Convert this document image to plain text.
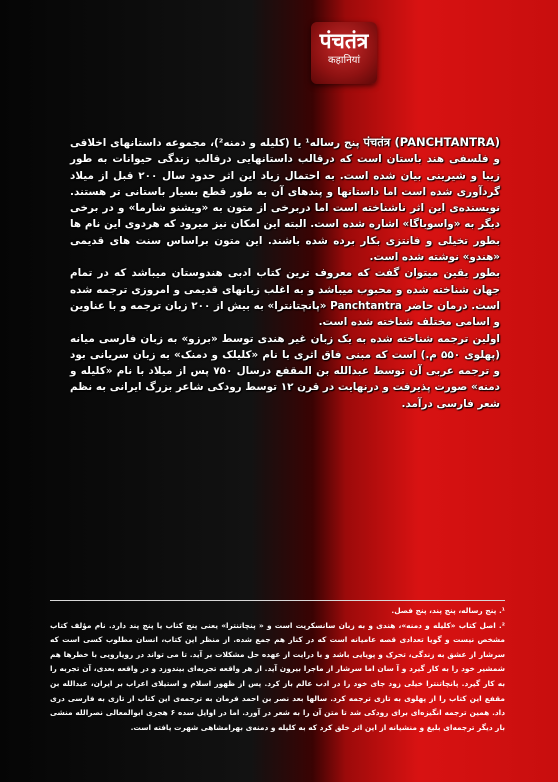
पंचतंत्र
कहानियां

पंचतंत्र (PANCHTANTRA) پنج رساله¹ یا (کلیله و دمنه²)، مجموعه داستانهای اخلاقی و فلسفی هند باستان است که درقالب داستانهایی درقالب زندگی حیوانات به طور زیبا و شیرینی بیان شده است. به احتمال زیاد این اثر حدود سال ۲۰۰ قبل از میلاد گردآوری شده است اما داستانها و پندهای آن به طور قطع بسیار باستانی تر هستند. نویسنده‌ی این اثر ناشناخته است اما دربرخی از متون به «ویشنو شارما» و در برخی دیگر به «واسوباگا» اشاره شده است. البته این امکان نیز میرود که هردوی این نام ها بطور تخیلی و فانتزی بکار برده شده باشند. این متون براساس سنت های قدیمی «هندو» نوشته شده است.

بطور یقین میتوان گفت که معروف ترین کتاب ادبی هندوستان میباشد که در تمام جهان شناخته شده و محبوب میباشد و به اغلب زبانهای قدیمی و امروزی ترجمه شده است. درمان حاضر Panchtantra «پانچتانترا» به بیش از ۲۰۰ زبان ترجمه و با عناوین و اسامی مختلف شناخته شده است.

اولین ترجمه شناخته شده به یک زبان غیر هندی توسط «برزو» به زبان فارسی میانه (پهلوی ۵۵۰ م.) است که مبنی فاق اثری با نام «کلیلک و دمنک» به زبان سریانی بود و ترجمه عربی آن توسط عبدالله بن المقفع درسال ۷۵۰ پس از میلاد با نام «کلیله و دمنه» صورت پذیرفت و درنهایت در قرن ۱۲ توسط رودکی شاعر بزرگ ایرانی به نظم شعر فارسی درآمد.

¹. پنج رساله، پنج پند، پنج فصل.

². اصل کتاب «کلیله و دمنه»، هندی و به زبان سانسکریت است و « پنچاتنترا» یعنی پنج کتاب یا پنج پند دارد. نام مؤلف کتاب مشخص نیست و گویا تعدادی قصه عامیانه است که در کنار هم جمع شده. از منظر این کتاب، انسان مطلوب کسی است که سرشار از عشق به زندگی، تحرک و پویایی باشد و با درایت از عهده حل مشکلات بر آید. تا می تواند در رویارویی با خطرها هم شمشیر خود را به کار گیرد و آ سان اما سرشار از ماجرا بیرون آید. از هر واقعه تجربه‌ای بیندوزد و در واقعه بعدی، آن تجربه را به کار گیرد. پانچاتنترا خیلی زود جای خود را در ادب عالم باز کرد. پس از ظهور اسلام و استیلای اعراب بر ایران، عبدالله بن مقفع این کتاب را از پهلوی به تازی ترجمه کرد. سالها بعد نصر بن احمد فرمان به ترجمه‌ی این کتاب از تازی به فارسی دری داد. همین ترجمه انگیزه‌ای برای رودکی شد تا متن آن را به شعر در آورد. اما در اوایل سده ۶ هجری ابوالمعالی نصرالله منشی بار دیگر ترجمه‌ای بلیغ و منشیانه از این اثر خلق کرد که به کلیله و دمنه‌ی بهرامشاهی شهرت یافته است.
